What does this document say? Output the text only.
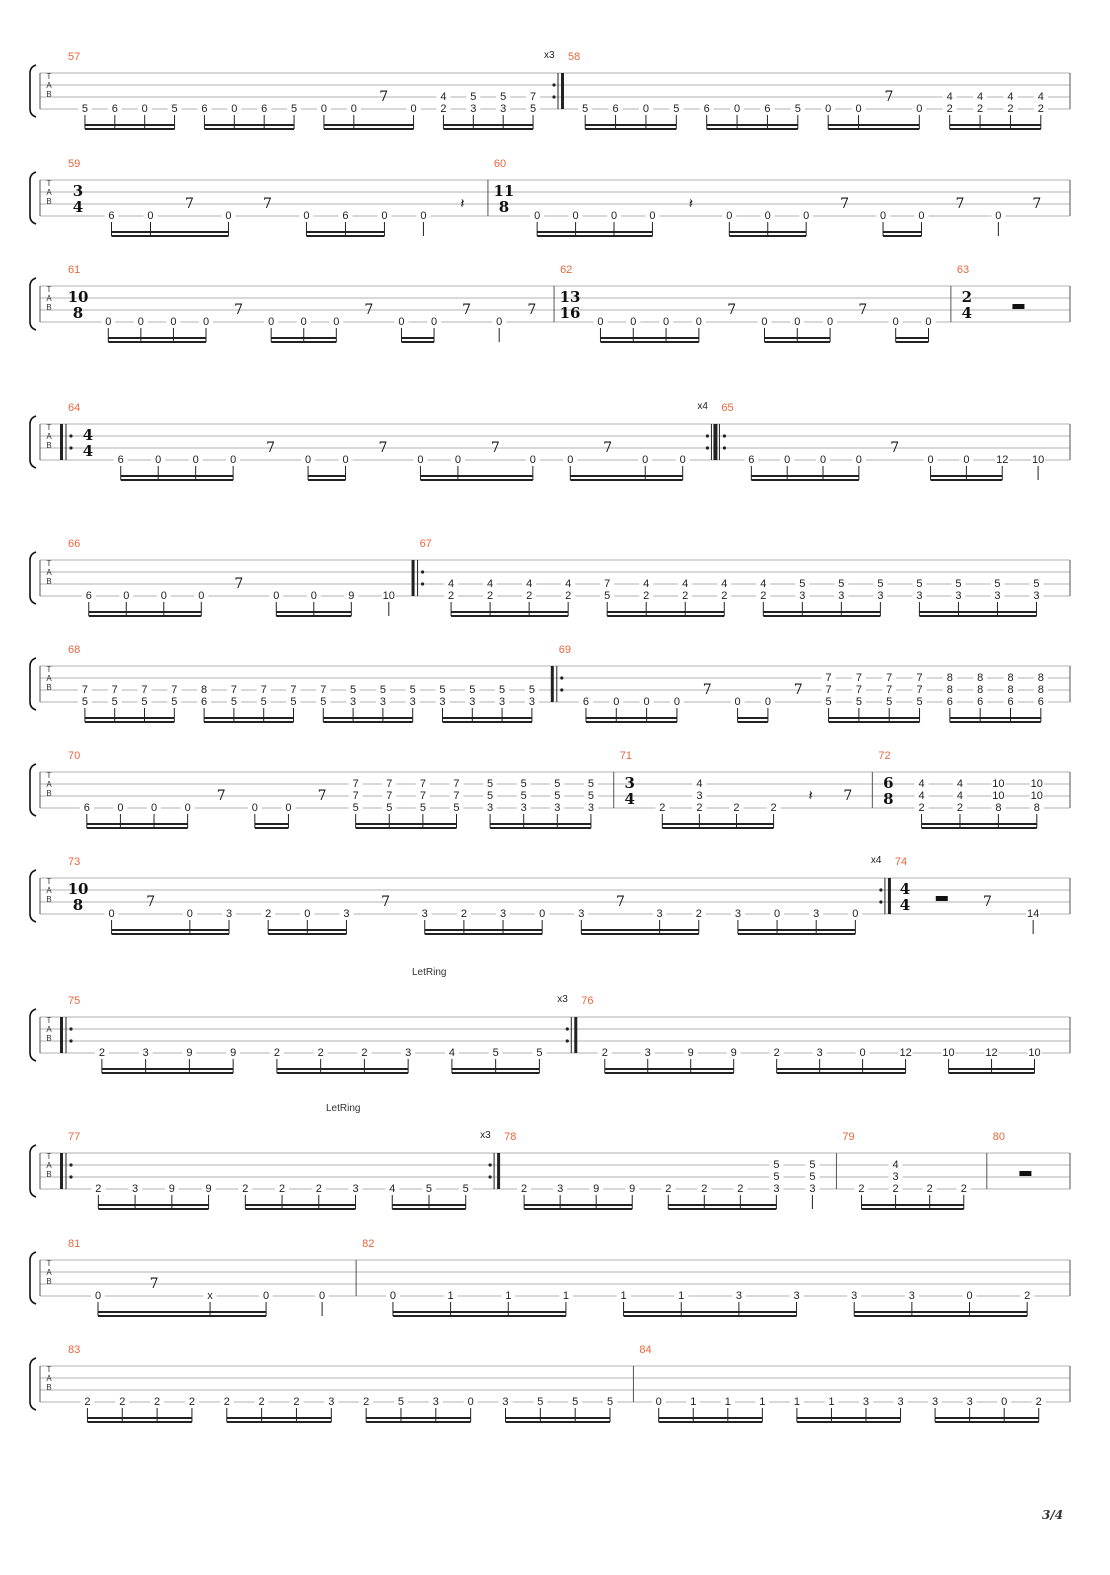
T
A
B
57
5 6 0 5 6 0 6 5 0 0
7
0 2
4
3
5
3
5
5
7
x3 58
5 6 0 5 6 0 6 5 0 0
7
0 2
4
2
4
2
4
2
4
T
A
B
59
3
4 6	0
7
0
7
0	6	0	0
𝄽
60
11
8 0	0	0	0
𝄽
0	0	0
7
0	0
7
0
7
T
A
B
61
10
8 0 0 0 0
7
0 0 0
7
0 0
7
0
7
62
13
16 0 0 0 0
7
0 0 0
7
0 0
63
2
4
T
A
B
64
4
4 6	0	0	0
7
0	0
7
0	0
7
0	0
7
0	0
x4 65
6	0	0	0
7
0	0 12 10
T
A
B
66
6	0	0	0
7
0	0	9	10
67
2
4
2
4
2
4
2
4
5
7
2
4
2
4
2
4
2
4
3
5
3
5
3
5
3
5
3
5
3
5
3
5
T
A
B
68
5
7
5
7
5
7
5
7
6
8
5
7
5
7
5
7
5
7
3
5
3
5
3
5
3
5
3
5
3
5
3
5
69
6 0 0 0
7
0 0
7
5
7
7
5
7
7
5
7
7
5
7
7
6
8
8
6
8
8
6
8
8
6
8
8
T
A
B
70
6 0 0 0
7
0 0
7
5
7
7
5
7
7
5
7
7
5
7
7
3
5
5
3
5
5
3
5
5
3
5
5
71
3
4 2	2
3
4
2	2
𝄽 7
72
6
8 2
4
4
2
4
4
8
10
10
8
10
10
T
A
B
73
10
8 0
7
0	3	2	0	3
7
3	2	3	0	3
7
3	2	3	0	3	0
x4 74
4
4	7
14
T
A
B
LetRing
75
2	3	9	9	2	2	2	3	4	5	5
x3 76
2	3	9	9	2	3	0	12	10	12	10
T
A
B
LetRing
77
2	3	9	9	2	2	2	3	4	5	5
x3 78
2	3	9	9	2	2	2	3
5
5
3
5
5
79
2	2
3
4
2	2
80
T
A
B
81
0
7
x	0	0
82
0	1	1	1	1	1	3	3	3	3	0	2
T
A
B
83
2	2	2	2	2	2	2	3	2	5	3	0	3	5	5	5
84
0	1	1	1	1	1	3	3	3	3	0	2
3/4
